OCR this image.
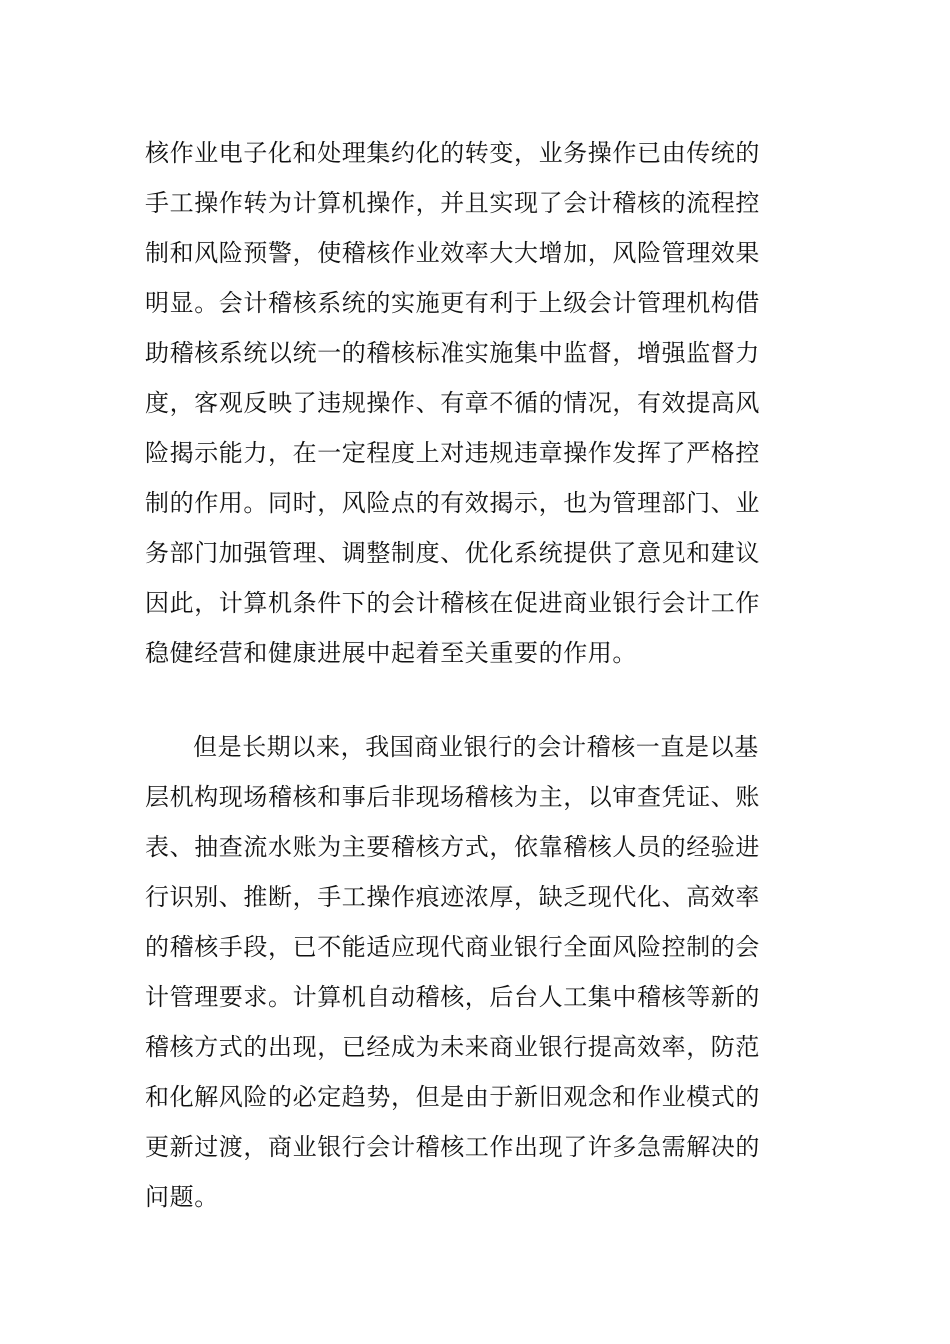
核作业电子化和处理集约化的转变，业务操作已由传统的
手工操作转为计算机操作，并且实现了会计稽核的流程控
制和风险预警，使稽核作业效率大大增加，风险管理效果
明显。会计稽核系统的实施更有利于上级会计管理机构借
助稽核系统以统一的稽核标准实施集中监督，增强监督力
度，客观反映了违规操作、有章不循的情况，有效提高风
险揭示能力，在一定程度上对违规违章操作发挥了严格控
制的作用。同时，风险点的有效揭示，也为管理部门、业
务部门加强管理、调整制度、优化系统提供了意见和建议
因此，计算机条件下的会计稽核在促进商业银行会计工作
稳健经营和健康进展中起着至关重要的作用。
但是长期以来，我国商业银行的会计稽核一直是以基
层机构现场稽核和事后非现场稽核为主，以审查凭证、账
表、抽查流水账为主要稽核方式，依靠稽核人员的经验进
行识别、推断，手工操作痕迹浓厚，缺乏现代化、高效率
的稽核手段，已不能适应现代商业银行全面风险控制的会
计管理要求。计算机自动稽核，后台人工集中稽核等新的
稽核方式的出现，已经成为未来商业银行提高效率，防范
和化解风险的必定趋势，但是由于新旧观念和作业模式的
更新过渡，商业银行会计稽核工作出现了许多急需解决的
问题。
